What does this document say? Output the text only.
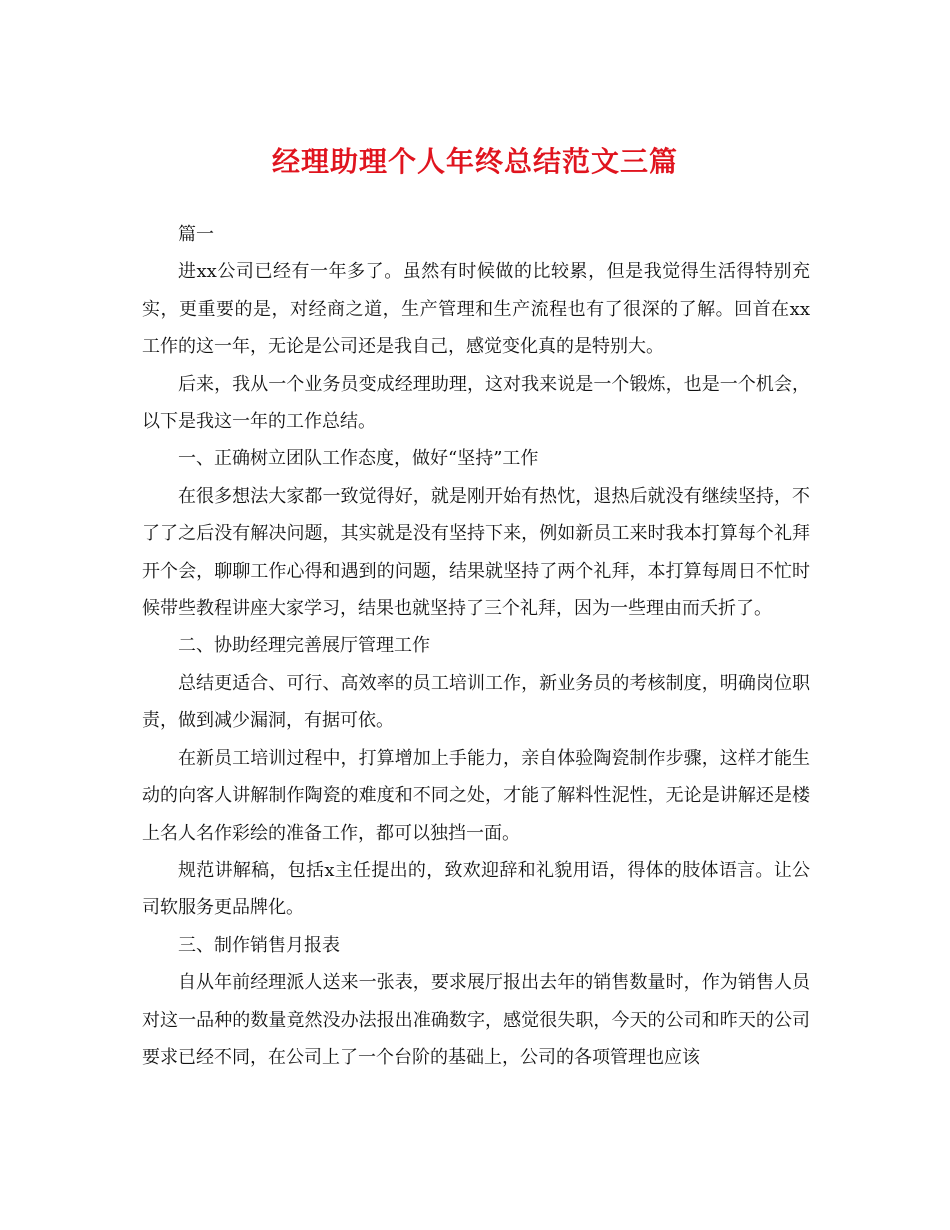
经理助理个人年终总结范文三篇

篇一

进xx公司已经有一年多了。虽然有时候做的比较累，但是我觉得生活得特别充实，更重要的是，对经商之道，生产管理和生产流程也有了很深的了解。回首在xx工作的这一年，无论是公司还是我自己，感觉变化真的是特别大。

后来，我从一个业务员变成经理助理，这对我来说是一个锻炼，也是一个机会，以下是我这一年的工作总结。

一、正确树立团队工作态度，做好“坚持”工作

在很多想法大家都一致觉得好，就是刚开始有热忱，退热后就没有继续坚持，不了了之后没有解决问题，其实就是没有坚持下来，例如新员工来时我本打算每个礼拜开个会，聊聊工作心得和遇到的问题，结果就坚持了两个礼拜，本打算每周日不忙时候带些教程讲座大家学习，结果也就坚持了三个礼拜，因为一些理由而夭折了。

二、协助经理完善展厅管理工作

总结更适合、可行、高效率的员工培训工作，新业务员的考核制度，明确岗位职责，做到减少漏洞，有据可依。

在新员工培训过程中，打算增加上手能力，亲自体验陶瓷制作步骤，这样才能生动的向客人讲解制作陶瓷的难度和不同之处，才能了解料性泥性，无论是讲解还是楼上名人名作彩绘的准备工作，都可以独挡一面。

规范讲解稿，包括x主任提出的，致欢迎辞和礼貌用语，得体的肢体语言。让公司软服务更品牌化。

三、制作销售月报表

自从年前经理派人送来一张表，要求展厅报出去年的销售数量时，作为销售人员对这一品种的数量竟然没办法报出准确数字，感觉很失职，今天的公司和昨天的公司要求已经不同，在公司上了一个台阶的基础上，公司的各项管理也应该
